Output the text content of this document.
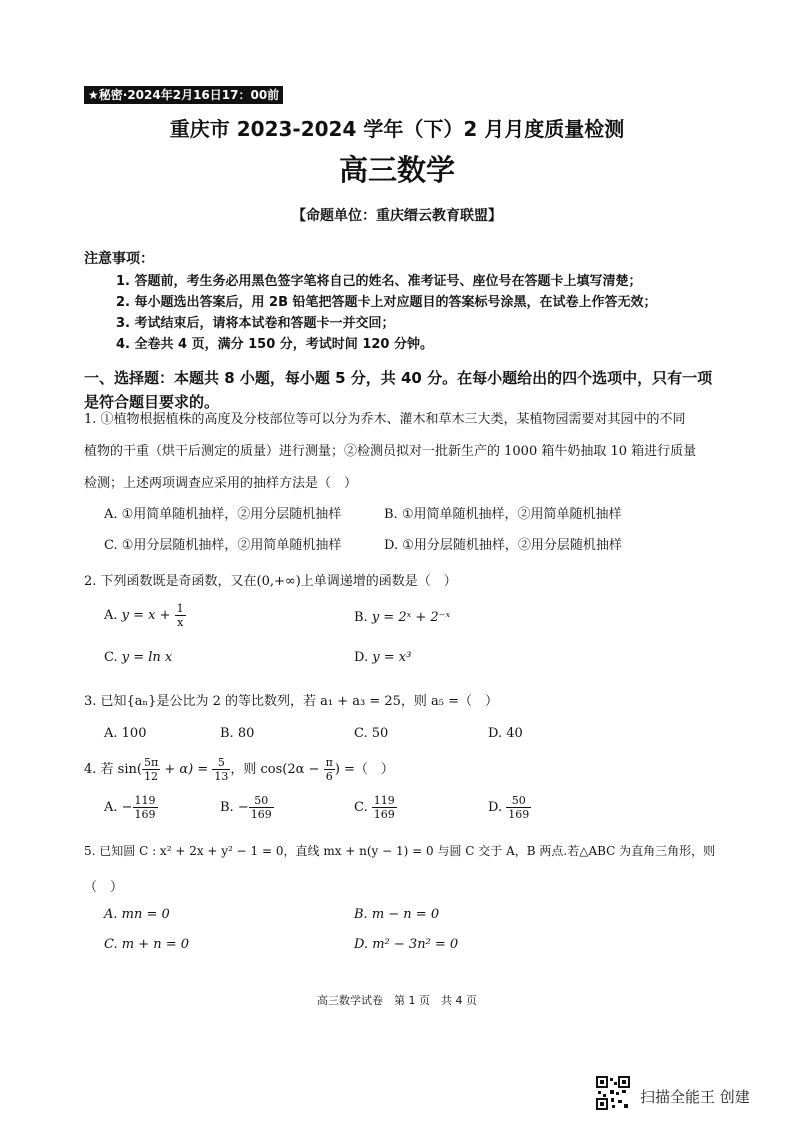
★秘密·2024年2月16日17：00前
重庆市 2023-2024 学年（下）2 月月度质量检测
高三数学
【命题单位：重庆缙云教育联盟】
注意事项：
1. 答题前，考生务必用黑色签字笔将自己的姓名、准考证号、座位号在答题卡上填写清楚；
2. 每小题选出答案后，用 2B 铅笔把答题卡上对应题目的答案标号涂黑，在试卷上作答无效；
3. 考试结束后，请将本试卷和答题卡一并交回；
4. 全卷共 4 页，满分 150 分，考试时间 120 分钟。
一、选择题：本题共 8 小题，每小题 5 分，共 40 分。在每小题给出的四个选项中，只有一项
是符合题目要求的。
1. ①植物根据植株的高度及分枝部位等可以分为乔木、灌木和草木三大类，某植物园需要对其园中的不同
植物的干重（烘干后测定的质量）进行测量；②检测员拟对一批新生产的 1000 箱牛奶抽取 10 箱进行质量
检测；上述两项调查应采用的抽样方法是（　）
A. ①用简单随机抽样，②用分层随机抽样	B. ①用简单随机抽样，②用简单随机抽样
C. ①用分层随机抽样，②用简单随机抽样	D. ①用分层随机抽样，②用分层随机抽样
2. 下列函数既是奇函数，又在(0,+∞)上单调递增的函数是（　）
A. $y = x + \frac{1}{x}$	B. y = 2ˣ + 2⁻ˣ
C. y = ln x	D. y = x³
3. 已知{aₙ}是公比为 2 的等比数列，若 a₁ + a₃ = 25，则 a₅ =（　）
A. 100	B. 80	C. 50	D. 40
4. 若 $\sin( \frac{5\pi}{12} + \alpha) = \frac{5}{13}$ ，则 $\cos(2\alpha - \frac{\pi}{6}$ ) =（　）
A. − $\frac{119}{169}$	B. − $\frac{50}{169}$	C. $\frac{119}{169}$	D. $\frac{50}{169}$
5. 已知圆 C : x² + 2x + y² − 1 = 0，直线 mx + n(y − 1) = 0 与圆 C 交于 A，B 两点.若△ABC 为直角三角形，则
（　）
A. mn = 0	B. m − n = 0
C. m + n = 0	D. m² − 3n² = 0
高三数学试卷　第 1 页　共 4 页
扫描全能王 创建
